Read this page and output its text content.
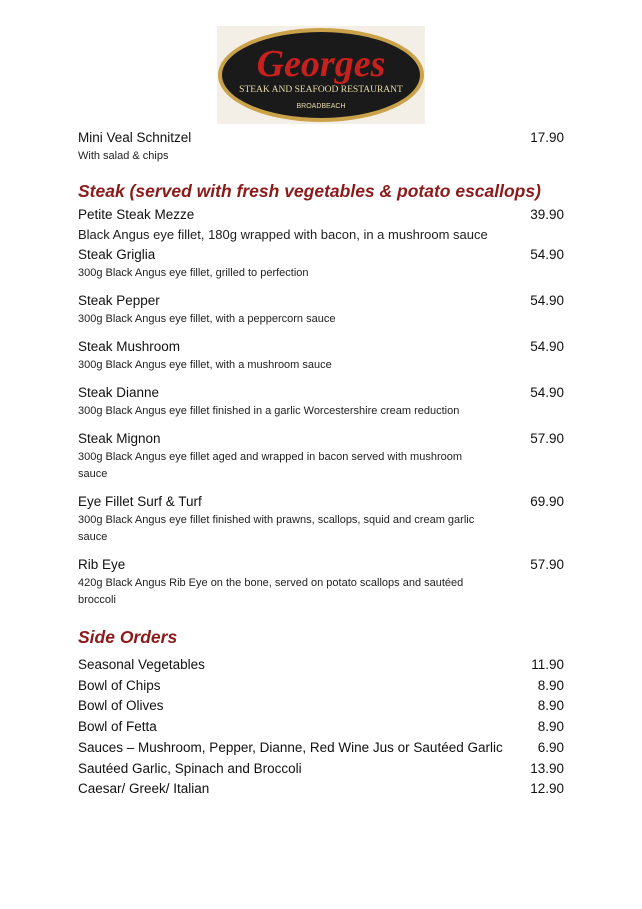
Georges
STEAK AND SEAFOOD RESTAURANT
BROADBEACH
Mini Veal Schnitzel	17.90
With salad & chips
Steak (served with fresh vegetables & potato escallops)
Petite Steak Mezze	39.90
Black Angus eye fillet, 180g wrapped with bacon, in a mushroom sauce
Steak Griglia	54.90
300g Black Angus eye fillet, grilled to perfection
Steak Pepper	54.90
300g Black Angus eye fillet, with a peppercorn sauce
Steak Mushroom	54.90
300g Black Angus eye fillet, with a mushroom sauce
Steak Dianne	54.90
300g Black Angus eye fillet finished in a garlic Worcestershire cream reduction
Steak Mignon	57.90
300g Black Angus eye fillet aged and wrapped in bacon served with mushroom sauce
Eye Fillet Surf & Turf	69.90
300g Black Angus eye fillet finished with prawns, scallops, squid and cream garlic sauce
Rib Eye	57.90
420g Black Angus Rib Eye on the bone, served on potato scallops and sautéed broccoli
Side Orders
Seasonal Vegetables	11.90
Bowl of Chips	8.90
Bowl of Olives	8.90
Bowl of Fetta	8.90
Sauces – Mushroom, Pepper, Dianne, Red Wine Jus or Sautéed Garlic	6.90
Sautéed Garlic, Spinach and Broccoli	13.90
Caesar/ Greek/ Italian	12.90
